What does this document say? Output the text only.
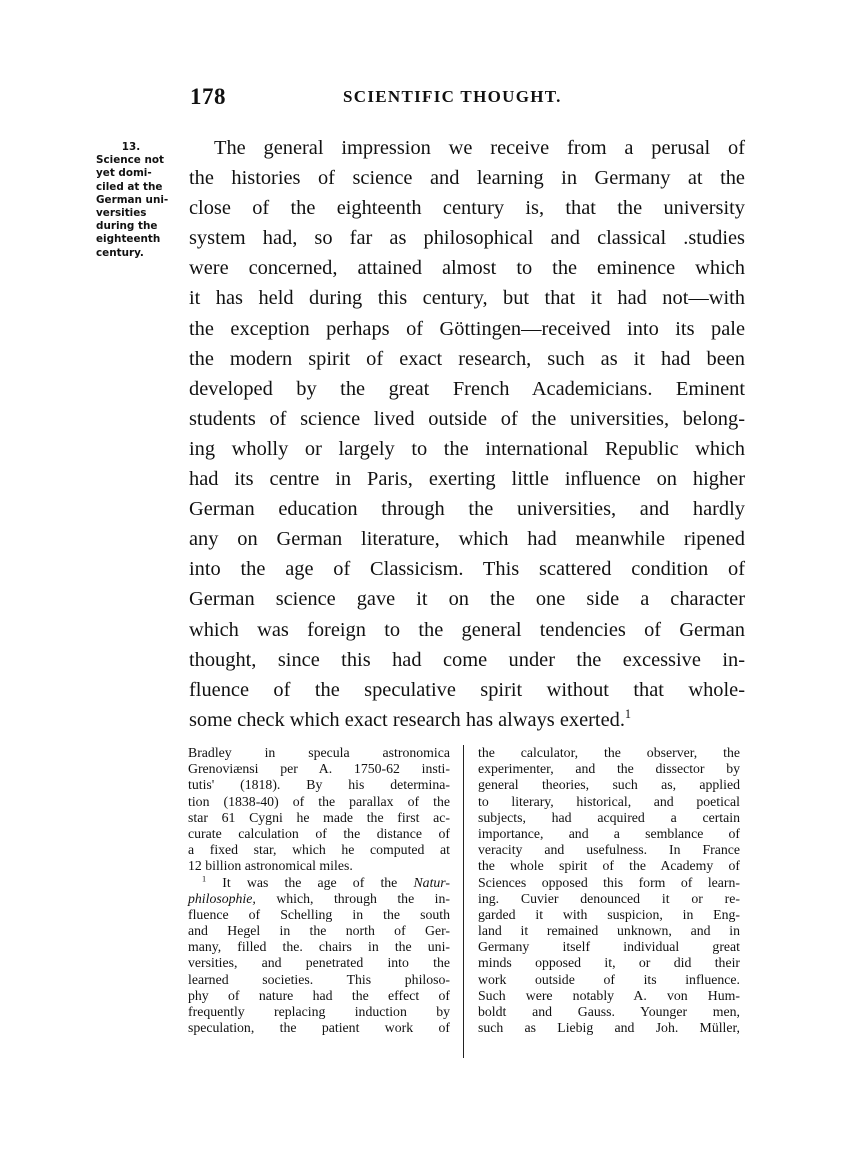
178	SCIENTIFIC THOUGHT.
13.
Science not
yet domi-
ciled at the
German uni-
versities
during the
eighteenth
century.
The general impression we receive from a perusal of
the histories of science and learning in Germany at the
close of the eighteenth century is, that the university
system had, so far as philosophical and classical .studies
were concerned, attained almost to the eminence which
it has held during this century, but that it had not—with
the exception perhaps of Göttingen—received into its pale
the modern spirit of exact research, such as it had been
developed by the great French Academicians. Eminent
students of science lived outside of the universities, belong-
ing wholly or largely to the international Republic which
had its centre in Paris, exerting little influence on higher
German education through the universities, and hardly
any on German literature, which had meanwhile ripened
into the age of Classicism. This scattered condition of
German science gave it on the one side a character
which was foreign to the general tendencies of German
thought, since this had come under the excessive in-
fluence of the speculative spirit without that whole-
some check which exact research has always exerted.$^1$
Bradley in specula astronomica
Grenoviænsi per A. 1750-62 insti-
tutis' (1818). By his determina-
tion (1838-40) of the parallax of the
star 61 Cygni he made the first ac-
curate calculation of the distance of
a fixed star, which he computed at
12 billion astronomical miles.
$^1$ It was the age of the Natur-
philosophie, which, through the in-
fluence of Schelling in the south
and Hegel in the north of Ger-
many, filled the. chairs in the uni-
versities, and penetrated into the
learned societies. This philoso-
phy of nature had the effect of
frequently replacing induction by
speculation, the patient work of
the calculator, the observer, the
experimenter, and the dissector by
general theories, such as, applied
to literary, historical, and poetical
subjects, had acquired a certain
importance, and a semblance of
veracity and usefulness. In France
the whole spirit of the Academy of
Sciences opposed this form of learn-
ing. Cuvier denounced it or re-
garded it with suspicion, in Eng-
land it remained unknown, and in
Germany itself individual great
minds opposed it, or did their
work outside of its influence.
Such were notably A. von Hum-
boldt and Gauss. Younger men,
such as Liebig and Joh. Müller,
